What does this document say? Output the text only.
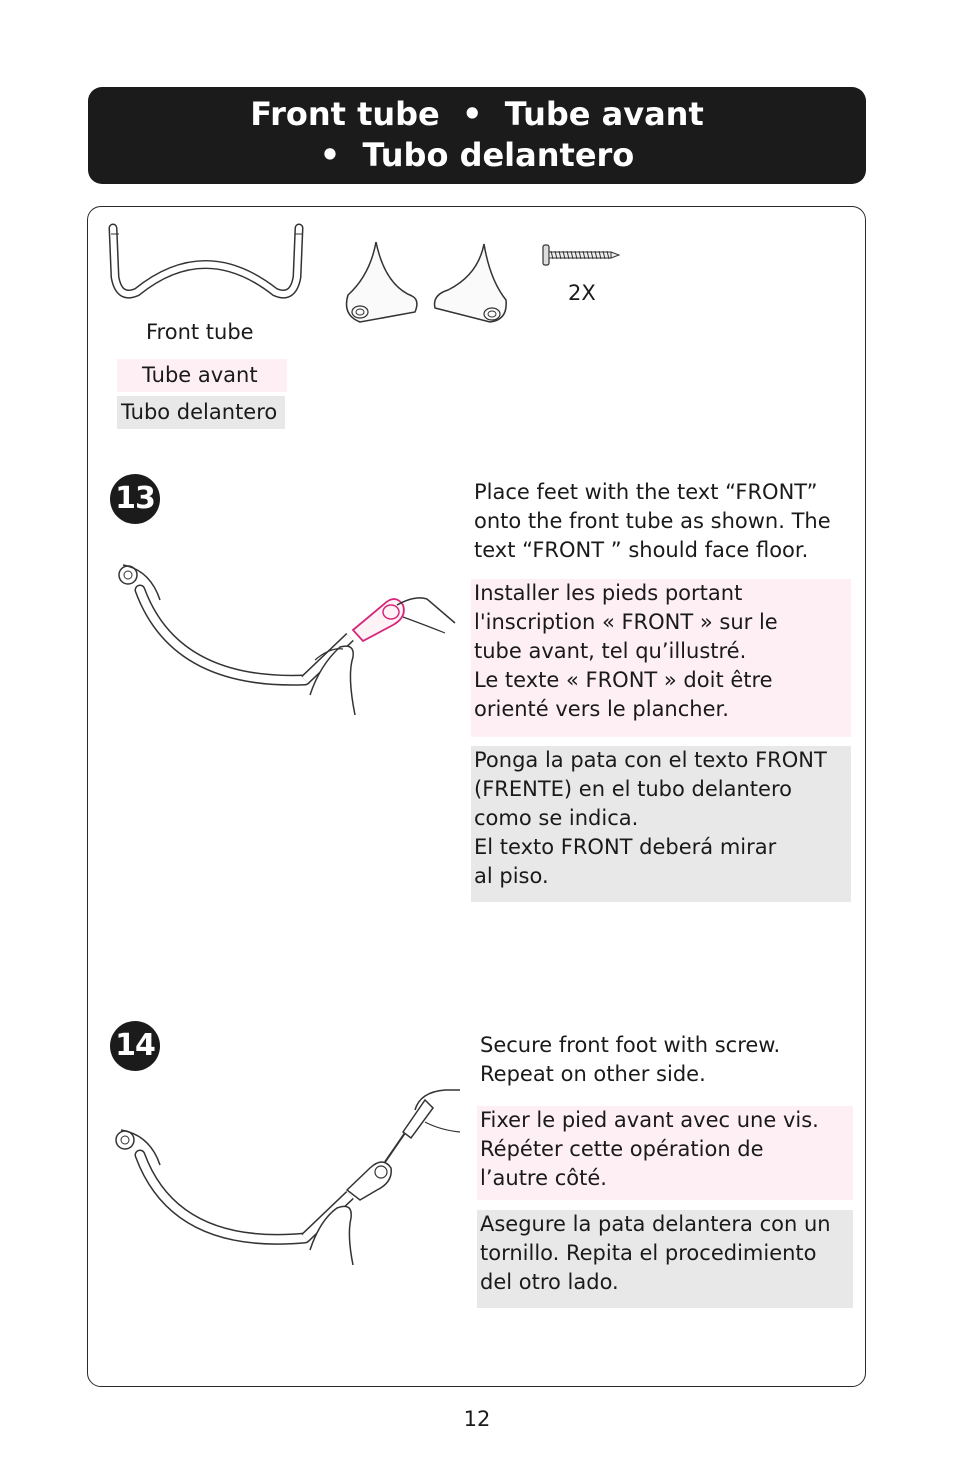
Front tube  •  Tube avant
•  Tubo delantero
2X
Front tube
Tube avant
Tubo delantero
13	Place feet with the text “FRONT” onto the front tube as shown. The text “FRONT ” should face floor.
Installer les pieds portant
l'inscription « FRONT » sur le
tube avant, tel qu’illustré.
Le texte « FRONT » doit être
orienté vers le plancher.
Ponga la pata con el texto FRONT
(FRENTE) en el tubo delantero
como se indica.
El texto FRONT deberá mirar
al piso.
14	Secure front foot with screw.
Repeat on other side.
Fixer le pied avant avec une vis.
Répéter cette opération de
l’autre côté.
Asegure la pata delantera con un
tornillo. Repita el procedimiento
del otro lado.
12
